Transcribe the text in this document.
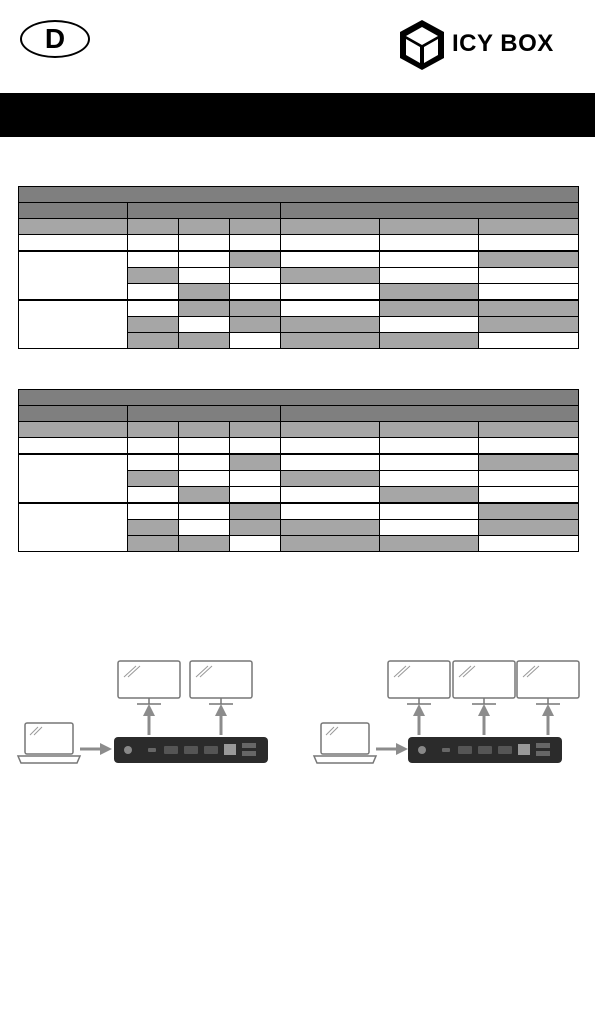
D	ICY BOX
